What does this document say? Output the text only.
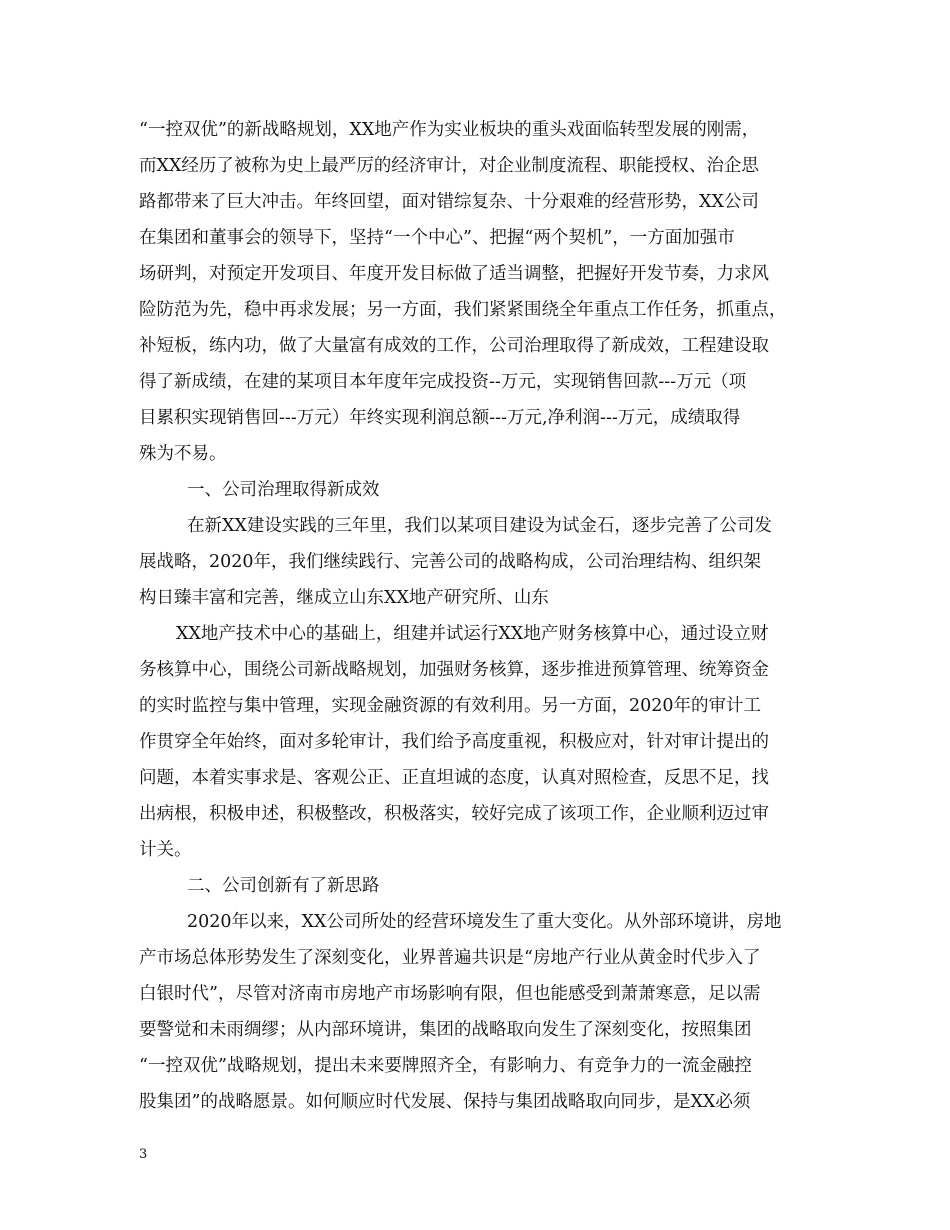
“一控双优”的新战略规划，XX地产作为实业板块的重头戏面临转型发展的刚需，
而XX经历了被称为史上最严厉的经济审计，对企业制度流程、职能授权、治企思
路都带来了巨大冲击。年终回望，面对错综复杂、十分艰难的经营形势，XX公司
在集团和董事会的领导下，坚持“一个中心”、把握“两个契机”，一方面加强市
场研判，对预定开发项目、年度开发目标做了适当调整，把握好开发节奏，力求风
险防范为先，稳中再求发展；另一方面，我们紧紧围绕全年重点工作任务，抓重点，
补短板，练内功，做了大量富有成效的工作，公司治理取得了新成效，工程建设取
得了新成绩，在建的某项目本年度年完成投资--万元，实现销售回款---万元（项
目累积实现销售回---万元）年终实现利润总额---万元,净利润---万元，成绩取得
殊为不易。
一、公司治理取得新成效
在新XX建设实践的三年里，我们以某项目建设为试金石，逐步完善了公司发
展战略，2020年，我们继续践行、完善公司的战略构成，公司治理结构、组织架
构日臻丰富和完善，继成立山东XX地产研究所、山东
XX地产技术中心的基础上，组建并试运行XX地产财务核算中心，通过设立财
务核算中心，围绕公司新战略规划，加强财务核算，逐步推进预算管理、统筹资金
的实时监控与集中管理，实现金融资源的有效利用。另一方面，2020年的审计工
作贯穿全年始终，面对多轮审计，我们给予高度重视，积极应对，针对审计提出的
问题，本着实事求是、客观公正、正直坦诚的态度，认真对照检查，反思不足，找
出病根，积极申述，积极整改，积极落实，较好完成了该项工作，企业顺利迈过审
计关。
二、公司创新有了新思路
2020年以来，XX公司所处的经营环境发生了重大变化。从外部环境讲，房地
产市场总体形势发生了深刻变化，业界普遍共识是“房地产行业从黄金时代步入了
白银时代”，尽管对济南市房地产市场影响有限，但也能感受到萧萧寒意，足以需
要警觉和未雨绸缪；从内部环境讲，集团的战略取向发生了深刻变化，按照集团
“一控双优”战略规划，提出未来要牌照齐全，有影响力、有竞争力的一流金融控
股集团”的战略愿景。如何顺应时代发展、保持与集团战略取向同步，是XX必须
3
